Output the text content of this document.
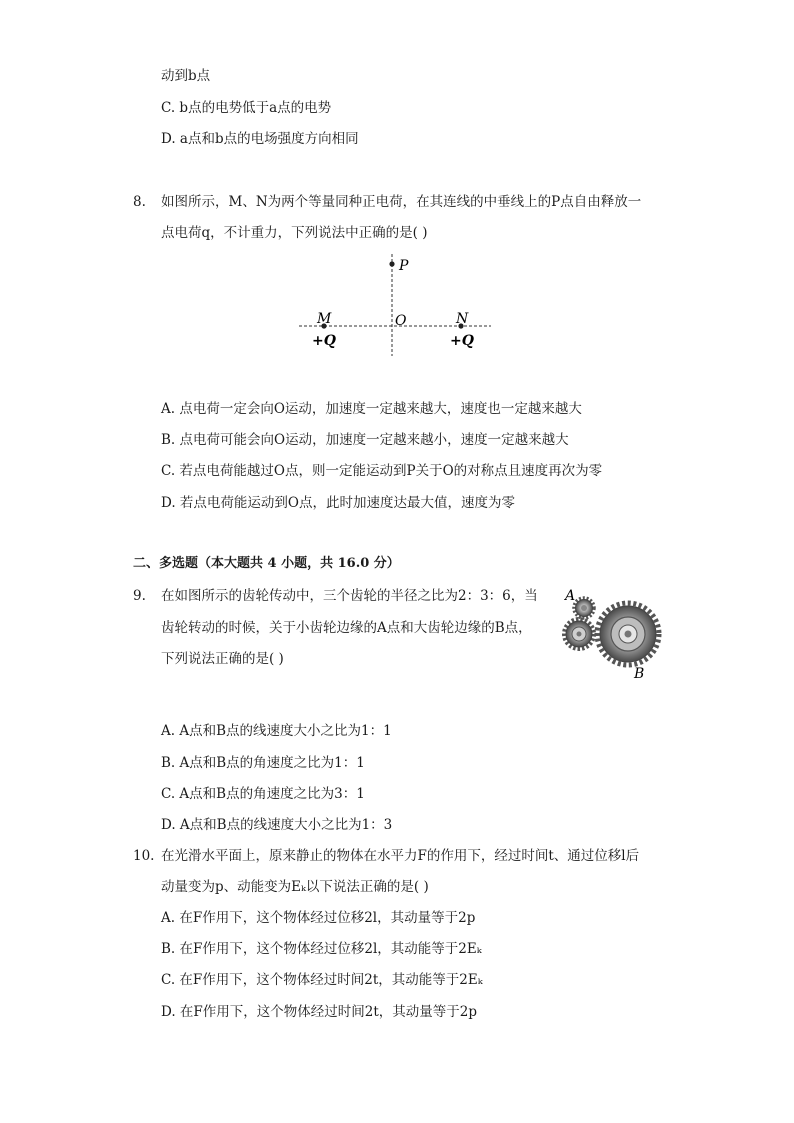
动到b点
C. b点的电势低于a点的电势
D. a点和b点的电场强度方向相同
8. 如图所示，M、N为两个等量同种正电荷，在其连线的中垂线上的P点自由释放一
点电荷q，不计重力，下列说法中正确的是( )
P
M	O	N
+Q	+Q
A. 点电荷一定会向O运动，加速度一定越来越大，速度也一定越来越大
B. 点电荷可能会向O运动，加速度一定越来越小，速度一定越来越大
C. 若点电荷能越过O点，则一定能运动到P关于O的对称点且速度再次为零
D. 若点电荷能运动到O点，此时加速度达最大值，速度为零
二、多选题（本大题共 4 小题，共 16.0 分）
9. 在如图所示的齿轮传动中，三个齿轮的半径之比为2：3：6，当
齿轮转动的时候，关于小齿轮边缘的A点和大齿轮边缘的B点，
下列说法正确的是( )
A
B
A. A点和B点的线速度大小之比为1：1
B. A点和B点的角速度之比为1：1
C. A点和B点的角速度之比为3：1
D. A点和B点的线速度大小之比为1：3
10. 在光滑水平面上，原来静止的物体在水平力F的作用下，经过时间t、通过位移l后
动量变为p、动能变为Eₖ以下说法正确的是( )
A. 在F作用下，这个物体经过位移2l，其动量等于2p
B. 在F作用下，这个物体经过位移2l，其动能等于2Eₖ
C. 在F作用下，这个物体经过时间2t，其动能等于2Eₖ
D. 在F作用下，这个物体经过时间2t，其动量等于2p
